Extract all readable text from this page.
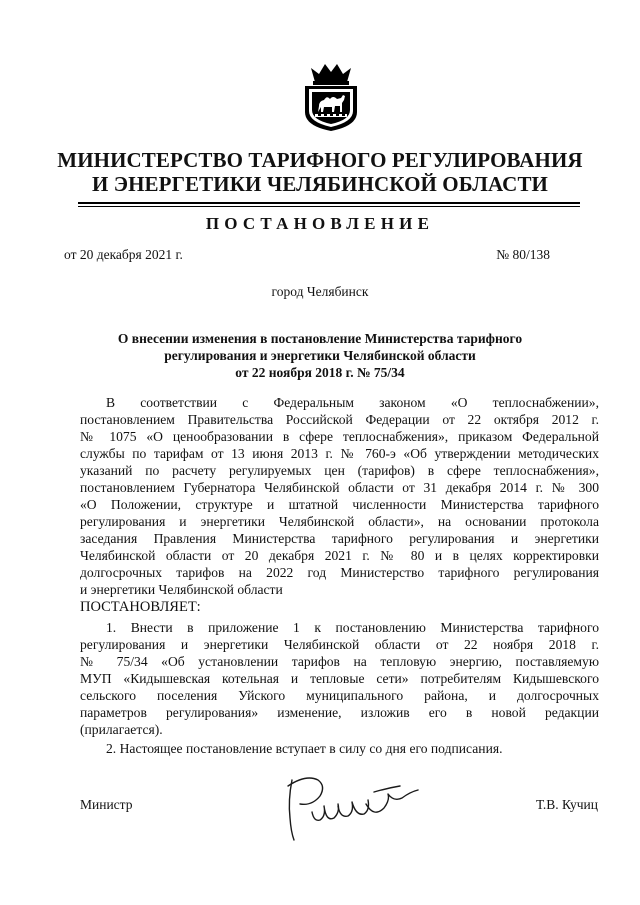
МИНИСТЕРСТВО ТАРИФНОГО РЕГУЛИРОВАНИЯ
И ЭНЕРГЕТИКИ ЧЕЛЯБИНСКОЙ ОБЛАСТИ
ПОСТАНОВЛЕНИЕ
от 20 декабря 2021 г.	№ 80/138
город Челябинск
О внесении изменения в постановление Министерства тарифного
регулирования и энергетики Челябинской области
от 22 ноября 2018 г. № 75/34
В соответствии с Федеральным законом «О теплоснабжении»,
постановлением Правительства Российской Федерации от 22 октября 2012 г.
№ 1075 «О ценообразовании в сфере теплоснабжения», приказом Федеральной
службы по тарифам от 13 июня 2013 г. № 760-э «Об утверждении методических
указаний по расчету регулируемых цен (тарифов) в сфере теплоснабжения»,
постановлением Губернатора Челябинской области от 31 декабря 2014 г. № 300
«О Положении, структуре и штатной численности Министерства тарифного
регулирования и энергетики Челябинской области», на основании протокола
заседания Правления Министерства тарифного регулирования и энергетики
Челябинской области от 20 декабря 2021 г. № 80 и в целях корректировки
долгосрочных тарифов на 2022 год Министерство тарифного регулирования
и энергетики Челябинской области
ПОСТАНОВЛЯЕТ:
1. Внести в приложение 1 к постановлению Министерства тарифного
регулирования и энергетики Челябинской области от 22 ноября 2018 г.
№ 75/34 «Об установлении тарифов на тепловую энергию, поставляемую
МУП «Кидышевская котельная и тепловые сети» потребителям Кидышевского
сельского поселения Уйского муниципального района, и долгосрочных
параметров регулирования» изменение, изложив его в новой редакции
(прилагается).
2. Настоящее постановление вступает в силу со дня его подписания.
Министр	Т.В. Кучиц
